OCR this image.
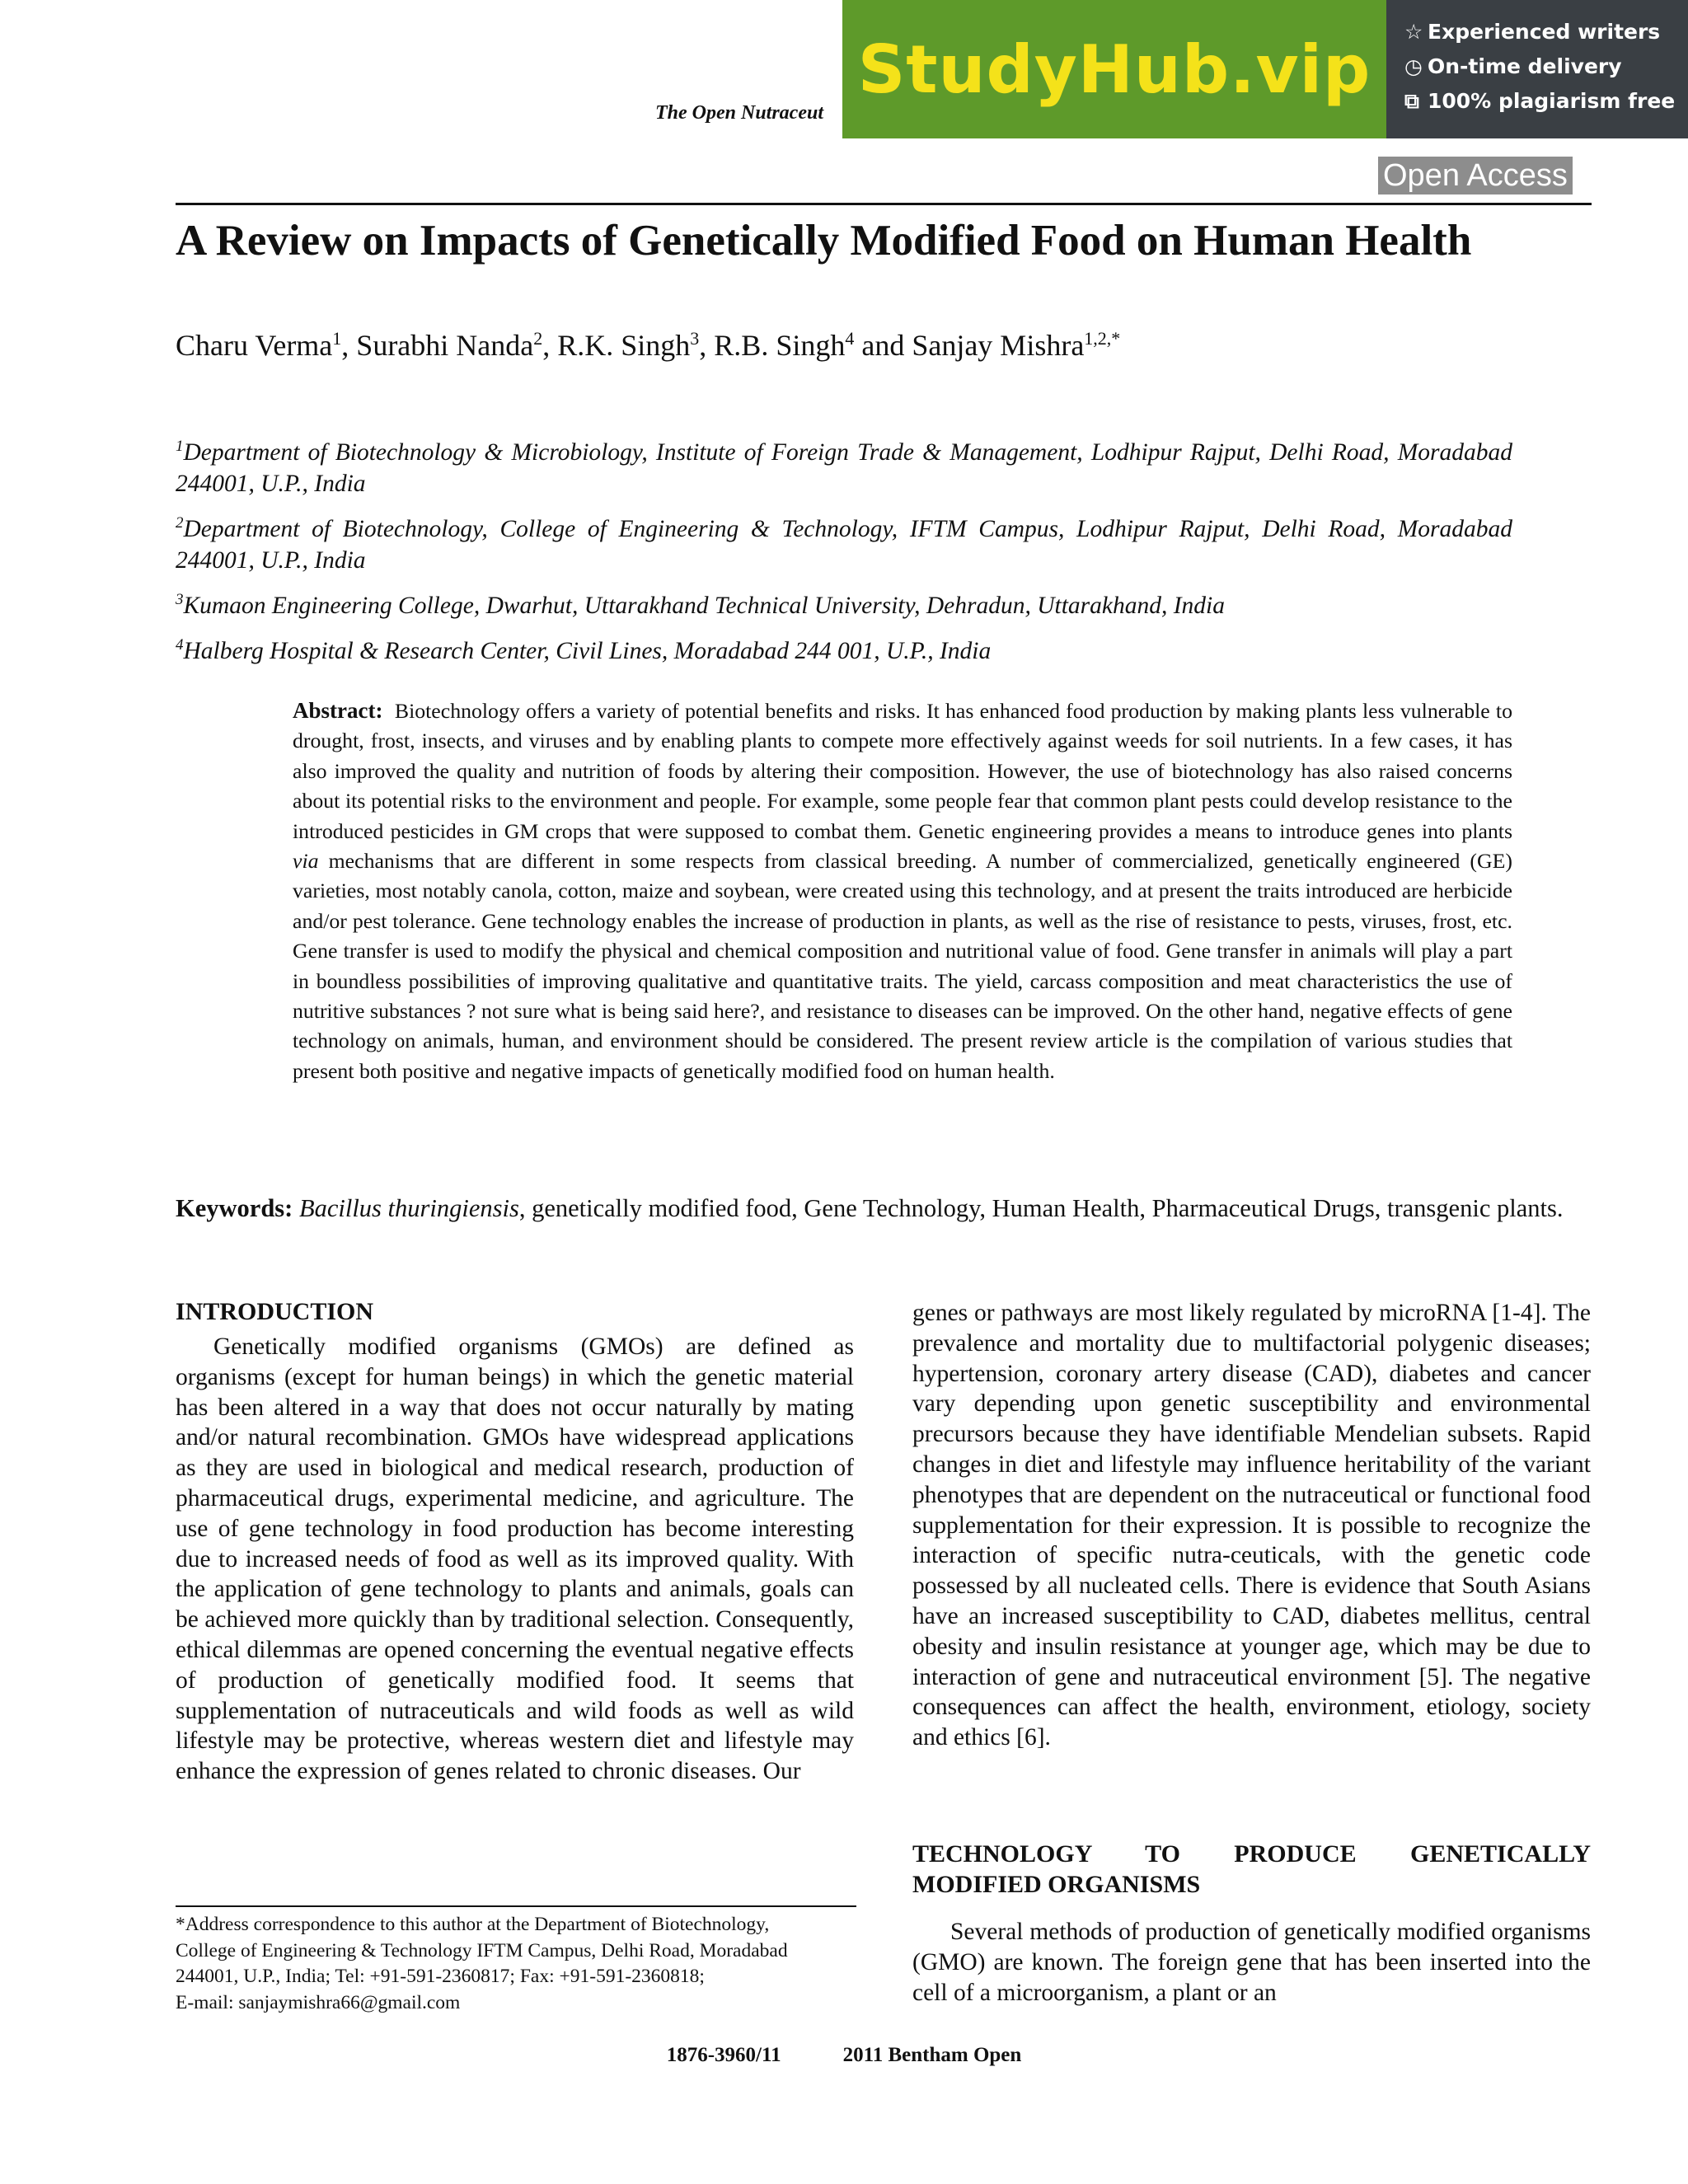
The Open Nutraceut
StudyHub.vip ☆ Experienced writers
◷ On-time delivery
⧉ 100% plagiarism free
Open Access
A Review on Impacts of Genetically Modified Food on Human Health
Charu Verma$^1$, Surabhi Nanda$^2$, R.K. Singh$^3$, R.B. Singh$^4$ and Sanjay Mishra$^{1,2,*}$
$^1$Department of Biotechnology & Microbiology, Institute of Foreign Trade & Management, Lodhipur Rajput, Delhi Road, Moradabad 244001, U.P., India
$^2$Department of Biotechnology, College of Engineering & Technology, IFTM Campus, Lodhipur Rajput, Delhi Road, Moradabad 244001, U.P., India
$^3$Kumaon Engineering College, Dwarhut, Uttarakhand Technical University, Dehradun, Uttarakhand, India
$^4$Halberg Hospital & Research Center, Civil Lines, Moradabad 244 001, U.P., India
Abstract: Biotechnology offers a variety of potential benefits and risks. It has enhanced food production by making plants less vulnerable to drought, frost, insects, and viruses and by enabling plants to compete more effectively against weeds for soil nutrients. In a few cases, it has also improved the quality and nutrition of foods by altering their composition. However, the use of biotechnology has also raised concerns about its potential risks to the environment and people. For example, some people fear that common plant pests could develop resistance to the introduced pesticides in GM crops that were supposed to combat them. Genetic engineering provides a means to introduce genes into plants via mechanisms that are different in some respects from classical breeding. A number of commercialized, genetically engineered (GE) varieties, most notably canola, cotton, maize and soybean, were created using this technology, and at present the traits introduced are herbicide and/or pest tolerance. Gene technology enables the increase of production in plants, as well as the rise of resistance to pests, viruses, frost, etc. Gene transfer is used to modify the physical and chemical composition and nutritional value of food. Gene transfer in animals will play a part in boundless possibilities of improving qualitative and quantitative traits. The yield, carcass composition and meat characteristics the use of nutritive substances ? not sure what is being said here?, and resistance to diseases can be improved. On the other hand, negative effects of gene technology on animals, human, and environment should be considered. The present review article is the compilation of various studies that present both positive and negative impacts of genetically modified food on human health.
Keywords: Bacillus thuringiensis, genetically modified food, Gene Technology, Human Health, Pharmaceutical Drugs, transgenic plants.
INTRODUCTION

Genetically modified organisms (GMOs) are defined as organisms (except for human beings) in which the genetic material has been altered in a way that does not occur naturally by mating and/or natural recombination. GMOs have widespread applications as they are used in biological and medical research, production of pharmaceutical drugs, experimental medicine, and agriculture. The use of gene technology in food production has become interesting due to increased needs of food as well as its improved quality. With the application of gene technology to plants and animals, goals can be achieved more quickly than by traditional selection. Consequently, ethical dilemmas are opened concerning the eventual negative effects of production of genetically modified food. It seems that supplementation of nutraceuticals and wild foods as well as wild lifestyle may be protective, whereas western diet and lifestyle may enhance the expression of genes related to chronic diseases. Our

genes or pathways are most likely regulated by microRNA [1-4]. The prevalence and mortality due to multifactorial polygenic diseases; hypertension, coronary artery disease (CAD), diabetes and cancer vary depending upon genetic susceptibility and environmental precursors because they have identifiable Mendelian subsets. Rapid changes in diet and lifestyle may influence heritability of the variant phenotypes that are dependent on the nutraceutical or functional food supplementation for their expression. It is possible to recognize the interaction of specific nutra-ceuticals, with the genetic code possessed by all nucleated cells. There is evidence that South Asians have an increased susceptibility to CAD, diabetes mellitus, central obesity and insulin resistance at younger age, which may be due to interaction of gene and nutraceutical environment [5]. The negative consequences can affect the health, environment, etiology, society and ethics [6].

TECHNOLOGY TO PRODUCE GENETICALLY
MODIFIED ORGANISMS

Several methods of production of genetically modified organisms (GMO) are known. The foreign gene that has been inserted into the cell of a microorganism, a plant or an

*Address correspondence to this author at the Department of Biotechnology,
College of Engineering & Technology IFTM Campus, Delhi Road, Moradabad
244001, U.P., India; Tel: +91-591-2360817; Fax: +91-591-2360818;
E-mail: sanjaymishra66@gmail.com
1876-3960/11	2011 Bentham Open
